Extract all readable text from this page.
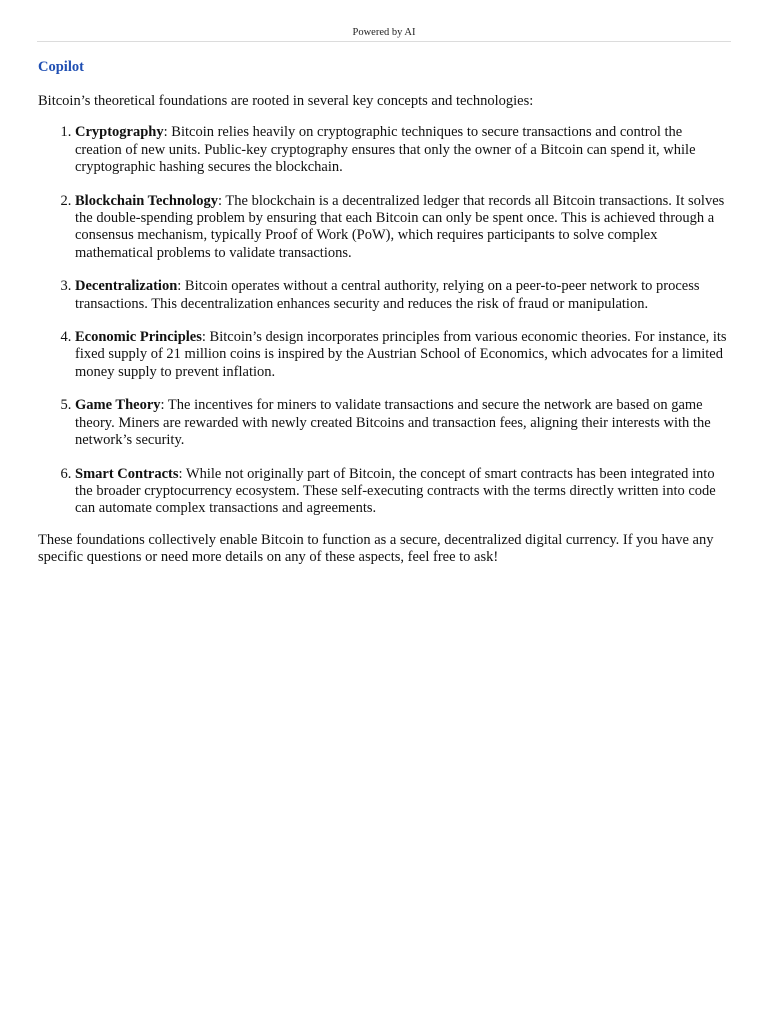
Powered by AI
Copilot

Bitcoin’s theoretical foundations are rooted in several key concepts and technologies:

1. Cryptography: Bitcoin relies heavily on cryptographic techniques to secure transactions and control the creation of new units. Public-key cryptography ensures that only the owner of a Bitcoin can spend it, while cryptographic hashing secures the blockchain.
2. Blockchain Technology: The blockchain is a decentralized ledger that records all Bitcoin transactions. It solves the double-spending problem by ensuring that each Bitcoin can only be spent once. This is achieved through a consensus mechanism, typically Proof of Work (PoW), which requires participants to solve complex mathematical problems to validate transactions.
3. Decentralization: Bitcoin operates without a central authority, relying on a peer-to-peer network to process transactions. This decentralization enhances security and reduces the risk of fraud or manipulation.
4. Economic Principles: Bitcoin’s design incorporates principles from various economic theories. For instance, its fixed supply of 21 million coins is inspired by the Austrian School of Economics, which advocates for a limited money supply to prevent inflation.
5. Game Theory: The incentives for miners to validate transactions and secure the network are based on game theory. Miners are rewarded with newly created Bitcoins and transaction fees, aligning their interests with the network’s security.
6. Smart Contracts: While not originally part of Bitcoin, the concept of smart contracts has been integrated into the broader cryptocurrency ecosystem. These self-executing contracts with the terms directly written into code can automate complex transactions and agreements.

These foundations collectively enable Bitcoin to function as a secure, decentralized digital currency. If you have any specific questions or need more details on any of these aspects, feel free to ask!
